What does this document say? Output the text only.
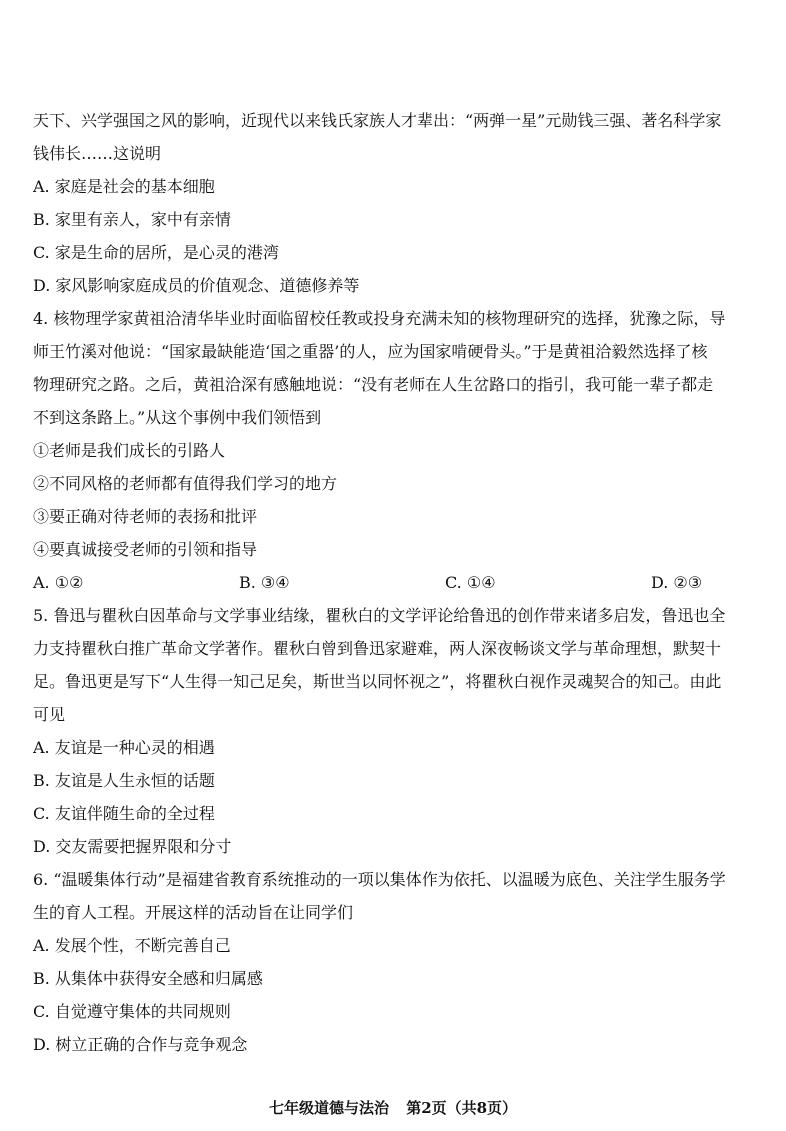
天下、兴学强国之风的影响，近现代以来钱氏家族人才辈出：“两弹一星”元勋钱三强、著名科学家
钱伟长……这说明
A. 家庭是社会的基本细胞
B. 家里有亲人，家中有亲情
C. 家是生命的居所，是心灵的港湾
D. 家风影响家庭成员的价值观念、道德修养等
4. 核物理学家黄祖洽清华毕业时面临留校任教或投身充满未知的核物理研究的选择，犹豫之际，导
师王竹溪对他说：“国家最缺能造‘国之重器’的人，应为国家啃硬骨头。”于是黄祖洽毅然选择了核
物理研究之路。之后，黄祖洽深有感触地说：“没有老师在人生岔路口的指引，我可能一辈子都走
不到这条路上。”从这个事例中我们领悟到
①老师是我们成长的引路人
②不同风格的老师都有值得我们学习的地方
③要正确对待老师的表扬和批评
④要真诚接受老师的引领和指导
A. ①②	B. ③④	C. ①④	D. ②③
5. 鲁迅与瞿秋白因革命与文学事业结缘，瞿秋白的文学评论给鲁迅的创作带来诸多启发，鲁迅也全
力支持瞿秋白推广革命文学著作。瞿秋白曾到鲁迅家避难，两人深夜畅谈文学与革命理想，默契十
足。鲁迅更是写下“人生得一知己足矣，斯世当以同怀视之”，将瞿秋白视作灵魂契合的知己。由此
可见
A. 友谊是一种心灵的相遇
B. 友谊是人生永恒的话题
C. 友谊伴随生命的全过程
D. 交友需要把握界限和分寸
6. “温暖集体行动”是福建省教育系统推动的一项以集体作为依托、以温暖为底色、关注学生服务学
生的育人工程。开展这样的活动旨在让同学们
A. 发展个性，不断完善自己
B. 从集体中获得安全感和归属感
C. 自觉遵守集体的共同规则
D. 树立正确的合作与竞争观念
七年级道德与法治 第2页（共8页）
